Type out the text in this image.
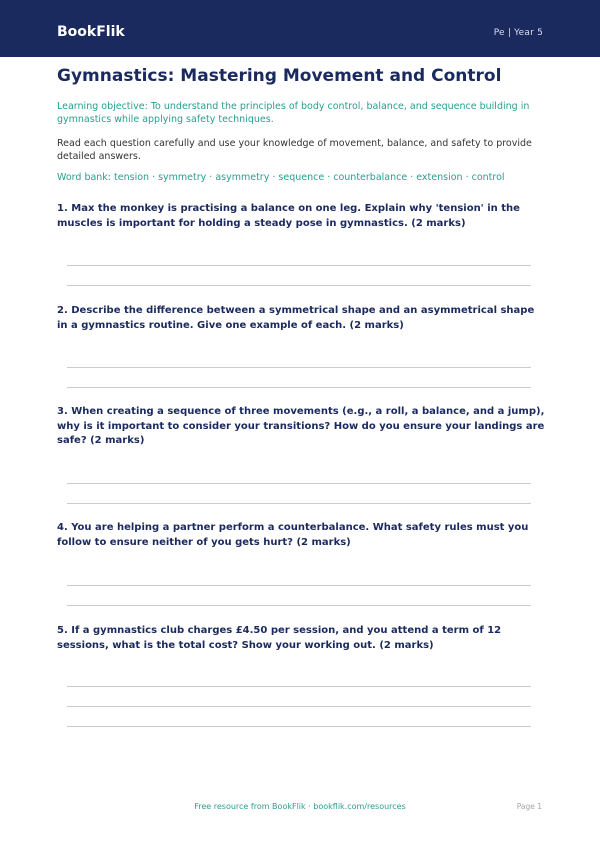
BookFlik	Pe | Year 5
Gymnastics: Mastering Movement and Control

Learning objective: To understand the principles of body control, balance, and sequence building in gymnastics while applying safety techniques.

Read each question carefully and use your knowledge of movement, balance, and safety to provide detailed answers.

Word bank: tension · symmetry · asymmetry · sequence · counterbalance · extension · control

1. Max the monkey is practising a balance on one leg. Explain why 'tension' in the muscles is important for holding a steady pose in gymnastics. (2 marks)

2. Describe the difference between a symmetrical shape and an asymmetrical shape in a gymnastics routine. Give one example of each. (2 marks)

3. When creating a sequence of three movements (e.g., a roll, a balance, and a jump), why is it important to consider your transitions? How do you ensure your landings are safe? (2 marks)

4. You are helping a partner perform a counterbalance. What safety rules must you follow to ensure neither of you gets hurt? (2 marks)

5. If a gymnastics club charges £4.50 per session, and you attend a term of 12 sessions, what is the total cost? Show your working out. (2 marks)

Free resource from BookFlik · bookflik.com/resources	Page 1
